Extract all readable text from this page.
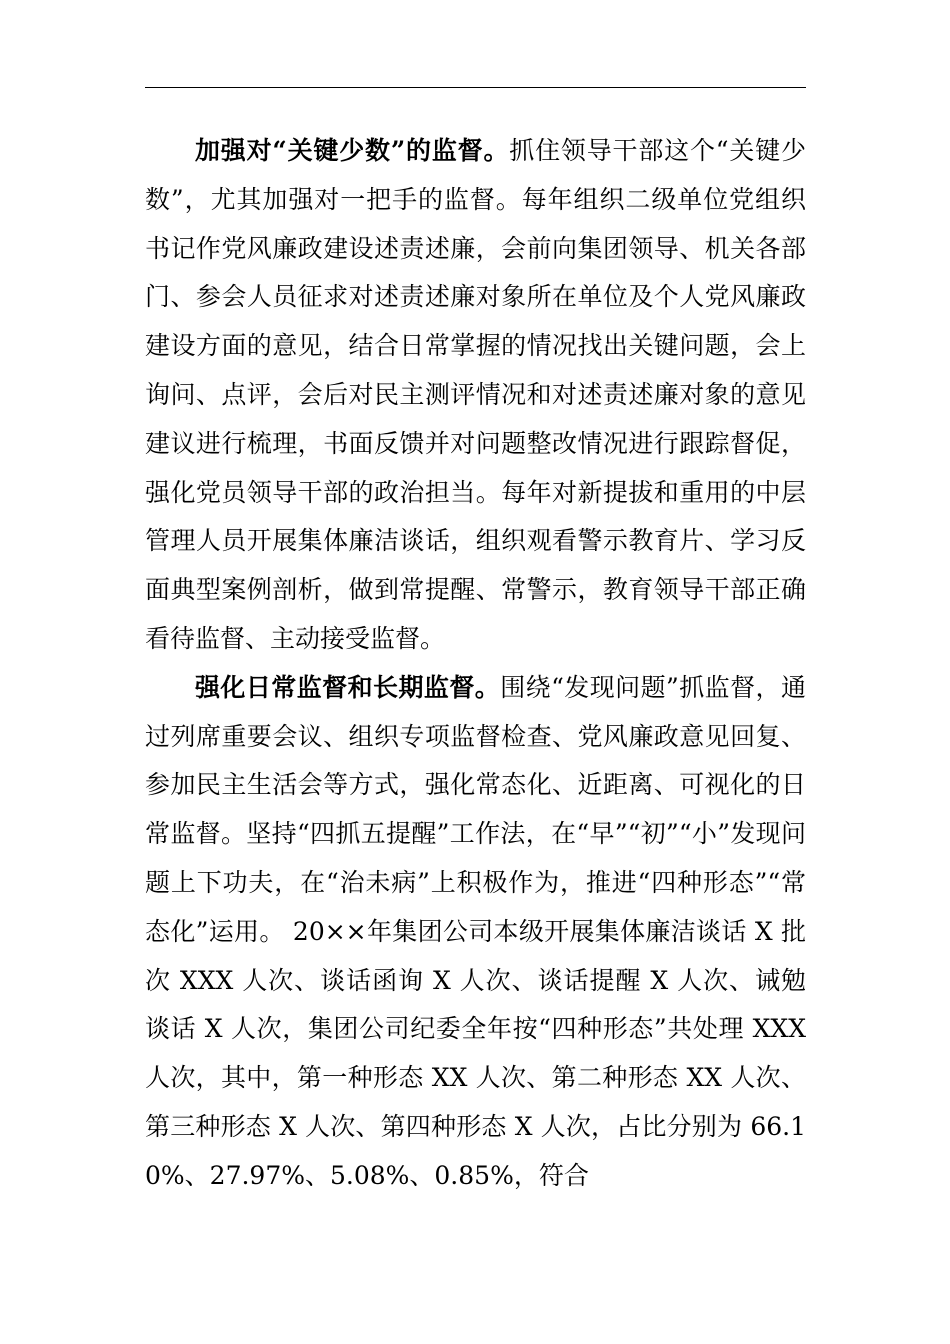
加强对“关键少数”的监督。抓住领导干部这个“关键少数”，尤其加强对一把手的监督。每年组织二级单位党组织书记作党风廉政建设述责述廉，会前向集团领导、机关各部门、参会人员征求对述责述廉对象所在单位及个人党风廉政建设方面的意见，结合日常掌握的情况找出关键问题，会上询问、点评，会后对民主测评情况和对述责述廉对象的意见建议进行梳理，书面反馈并对问题整改情况进行跟踪督促，强化党员领导干部的政治担当。每年对新提拔和重用的中层管理人员开展集体廉洁谈话，组织观看警示教育片、学习反面典型案例剖析，做到常提醒、常警示，教育领导干部正确看待监督、主动接受监督。

强化日常监督和长期监督。围绕“发现问题”抓监督，通过列席重要会议、组织专项监督检查、党风廉政意见回复、参加民主生活会等方式，强化常态化、近距离、可视化的日常监督。坚持“四抓五提醒”工作法，在“早”“初”“小”发现问题上下功夫，在“治未病”上积极作为，推进“四种形态”“常态化”运用。 20××年集团公司本级开展集体廉洁谈话 X 批次 XXX 人次、谈话函询 X 人次、谈话提醒 X 人次、诫勉谈话 X 人次，集团公司纪委全年按“四种形态”共处理 XXX 人次，其中，第一种形态 XX 人次、第二种形态 XX 人次、第三种形态 X 人次、第四种形态 X 人次，占比分别为 66.10%、27.97%、5.08%、0.85%，符合
